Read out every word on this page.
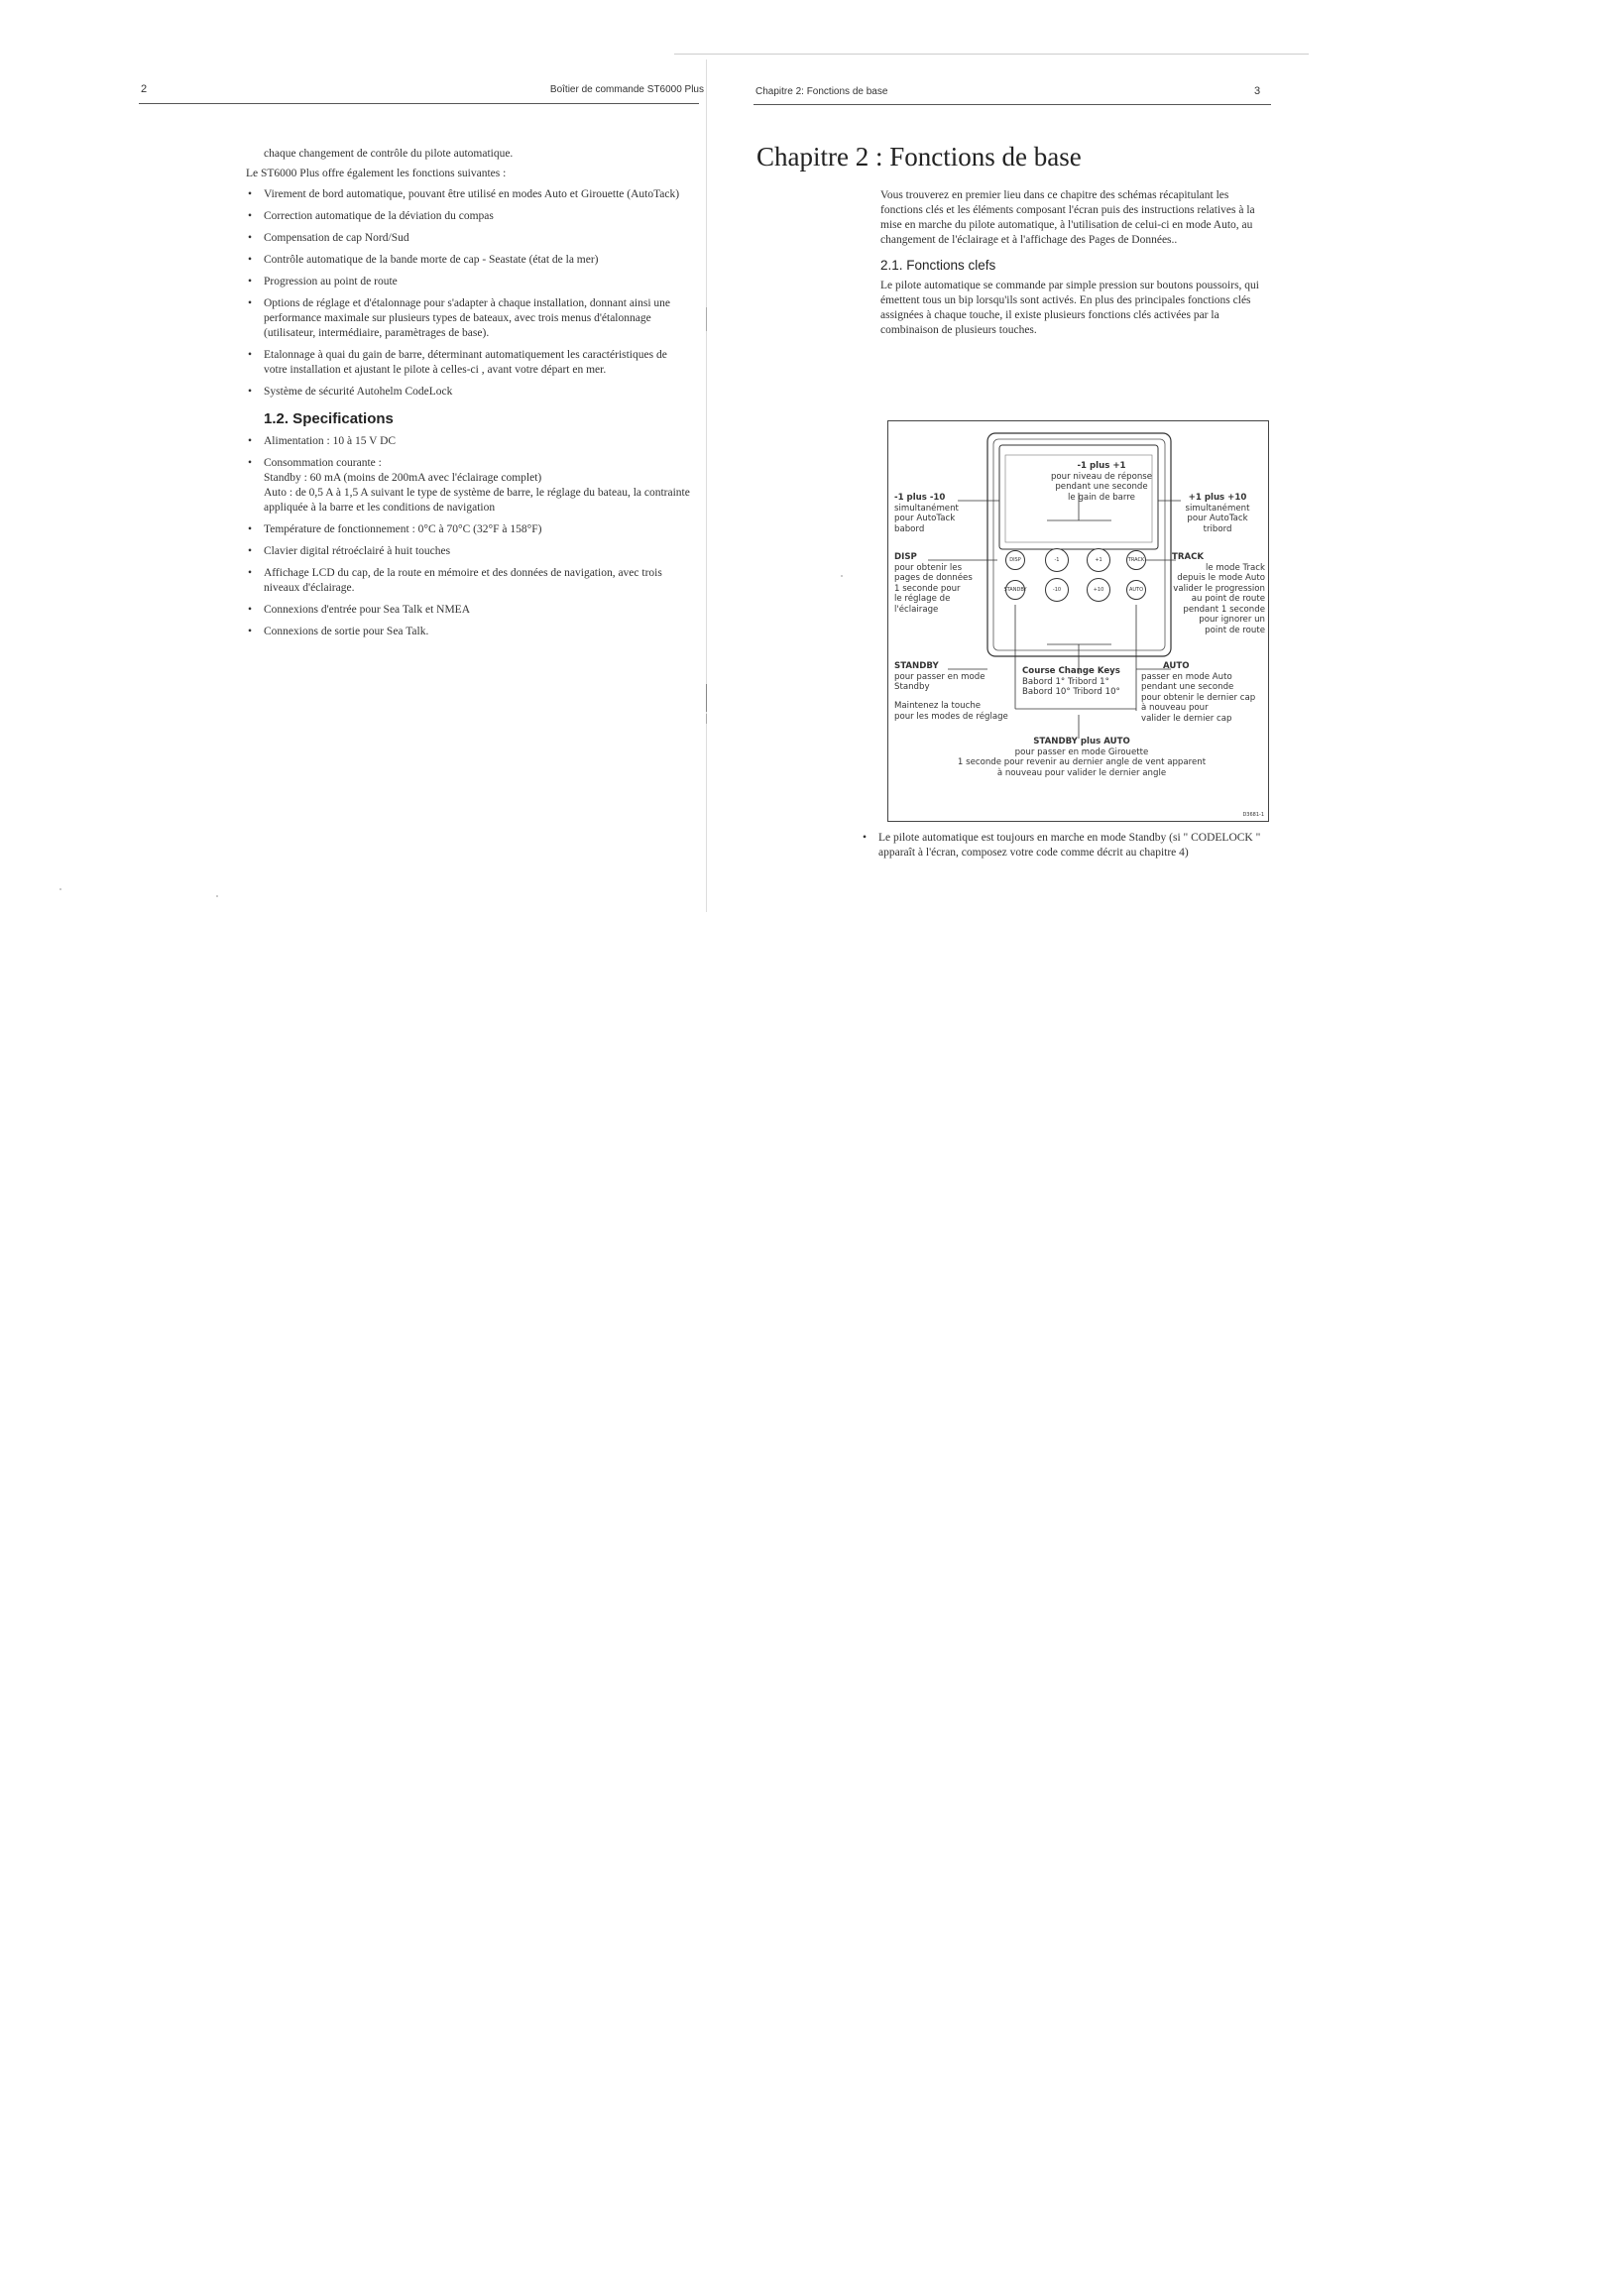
2	Boîtier de commande ST6000 Plus

chaque changement de contrôle du pilote automatique.

Le ST6000 Plus offre également les fonctions suivantes :

• Virement de bord automatique, pouvant être utilisé en modes Auto et Girouette (AutoTack)
• Correction automatique de la déviation du compas
• Compensation de cap Nord/Sud
• Contrôle automatique de la bande morte de cap - Seastate (état de la mer)
• Progression au point de route
• Options de réglage et d'étalonnage pour s'adapter à chaque installation, donnant ainsi une performance maximale sur plusieurs types de bateaux, avec trois menus d'étalonnage (utilisateur, intermédiaire, paramètrages de base).
• Etalonnage à quai du gain de barre, déterminant automatiquement les caractéristiques de votre installation et ajustant le pilote à celles-ci , avant votre départ en mer.
• Système de sécurité Autohelm CodeLock
1.2. Specifications
• Alimentation : 10 à 15 V DC
• Consommation courante :
Standby : 60 mA (moins de 200mA avec l'éclairage complet)
Auto : de 0,5 A à 1,5 A suivant le type de système de barre, le réglage du bateau, la contrainte appliquée à la barre et les conditions de navigation
• Température de fonctionnement : 0°C à 70°C (32°F à 158°F)
• Clavier digital rétroéclairé à huit touches
• Affichage LCD du cap, de la route en mémoire et des données de navigation, avec trois niveaux d'éclairage.
• Connexions d'entrée pour Sea Talk et NMEA
• Connexions de sortie pour Sea Talk.
Chapitre 2: Fonctions de base	3
Chapitre 2 : Fonctions de base

Vous trouverez en premier lieu dans ce chapitre des schémas récapitulant les fonctions clés et les éléments composant l'écran puis des instructions relatives à la mise en marche du pilote automatique, à l'utilisation de celui-ci en mode Auto, au changement de l'éclairage et à l'affichage des Pages de Données..

2.1. Fonctions clefs

Le pilote automatique se commande par simple pression sur boutons poussoirs, qui émettent tous un bip lorsqu'ils sont activés. En plus des principales fonctions clés assignées à chaque touche, il existe plusieurs fonctions clés activées par la combinaison de plusieurs touches.

DISP	-1	+1	TRACK
STANDBY	-10	+10	AUTO
-1 plus +1
pour niveau de réponse
pendant une seconde
le gain de barre
-1 plus -10
simultanément
pour AutoTack
babord
+1 plus +10
simultanément
pour AutoTack
tribord
DISP
pour obtenir les
pages de données
1 seconde pour
le réglage de
l'éclairage
TRACK
le mode Track
depuis le mode Auto
valider le progression
au point de route
pendant 1 seconde
pour ignorer un
point de route
STANDBY
pour passer en mode
Standby
Maintenez la touche
pour les modes de réglage
Course Change Keys
Babord 1° Tribord 1°
Babord 10° Tribord 10°
AUTO
passer en mode Auto
pendant une seconde
pour obtenir le dernier cap
à nouveau pour
valider le dernier cap
STANDBY plus AUTO
pour passer en mode Girouette
1 seconde pour revenir au dernier angle de vent apparent
à nouveau pour valider le dernier angle
D3681-1
• Le pilote automatique est toujours en marche en mode Standby (si " CODELOCK " apparaît à l'écran, composez votre code comme décrit au chapitre 4)
